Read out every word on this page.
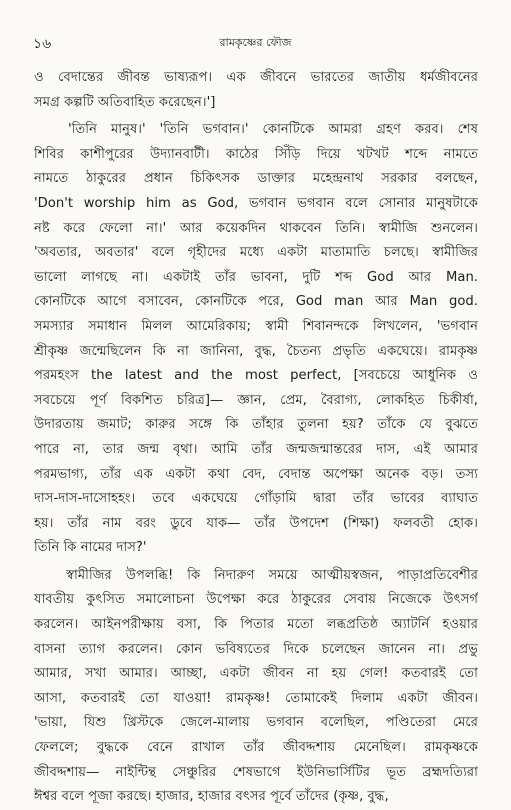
১৬	রামকৃষ্ণের ফৌজ
ও বেদান্তের জীবন্ত ভাষ্যরূপ। এক জীবনে ভারতের জাতীয় ধর্মজীবনের
সমগ্র কল্পটি অতিবাহিত করেছেন।']
'তিনি মানুষ।' 'তিনি ভগবান।' কোনটিকে আমরা গ্রহণ করব। শেষ
শিবির কাশীপুরের উদ্যানবাটী। কাঠের সিঁড়ি দিয়ে খটখট শব্দে নামতে
নামতে ঠাকুরের প্রধান চিকিৎসক ডাক্তার মহেন্দ্রনাথ সরকার বলছেন,
'Don't worship him as God, ভগবান ভগবান বলে সোনার মানুষটাকে
নষ্ট করে ফেলো না।' আর কয়েকদিন থাকবেন তিনি। স্বামীজি শুনলেন।
'অবতার, অবতার' বলে গৃহীদের মধ্যে একটা মাতামাতি চলছে। স্বামীজির
ভালো লাগছে না। একটাই তাঁর ভাবনা, দুটি শব্দ God আর Man.
কোনটিকে আগে বসাবেন, কোনটিকে পরে, God man আর Man god.
সমস্যার সমাধান মিলল আমেরিকায়; স্বামী শিবানন্দকে লিখলেন, 'ভগবান
শ্রীকৃষ্ণ জন্মেছিলেন কি না জানিনা, বুদ্ধ, চৈতন্য প্রভৃতি একঘেয়ে। রামকৃষ্ণ
পরমহংস the latest and the most perfect, [সবচেয়ে আধুনিক ও
সবচেয়ে পূর্ণ বিকশিত চরিত্র]— জ্ঞান, প্রেম, বৈরাগ্য, লোকহিত চিকীর্ষা,
উদারতায় জমাট; কারুর সঙ্গে কি তাঁহার তুলনা হয়? তাঁকে যে বুঝতে
পারে না, তার জন্ম বৃথা। আমি তাঁর জন্মজন্মান্তরের দাস, এই আমার
পরমভাগ্য, তাঁর এক একটা কথা বেদ, বেদান্ত অপেক্ষা অনেক বড়। তস্য
দাস-দাস-দাসোহহং। তবে একঘেয়ে গোঁড়ামি দ্বারা তাঁর ভাবের ব্যাঘাত
হয়। তাঁর নাম বরং ডুবে যাক— তাঁর উপদেশ (শিক্ষা) ফলবতী হোক।
তিনি কি নামের দাস?'
স্বামীজির উপলব্ধি! কি নিদারুণ সময়ে আত্মীয়স্বজন, পাড়াপ্রতিবেশীর
যাবতীয় কুৎসিত সমালোচনা উপেক্ষা করে ঠাকুরের সেবায় নিজেকে উৎসর্গ
করলেন। আইনপরীক্ষায় বসা, কি পিতার মতো লব্ধপ্রতিষ্ঠ অ্যাটর্নি হওয়ার
বাসনা ত্যাগ করলেন। কোন ভবিষ্যতের দিকে চলেছেন জানেন না। প্রভু
আমার, সখা আমার। আচ্ছা, একটা জীবন না হয় গেল! কতবারই তো
আসা, কতবারই তো যাওয়া! রামকৃষ্ণ! তোমাকেই দিলাম একটা জীবন।
'ভায়া, যিশু খ্রিস্টকে জেলে-মালায় ভগবান বলেছিল, পণ্ডিতেরা মেরে
ফেললে; বুদ্ধকে বেনে রাখাল তাঁর জীবদ্দশায় মেনেছিল। রামকৃষ্ণকে
জীবদ্দশায়— নাইন্টিন্থ সেঞ্চুরির শেষভাগে ইউনিভার্সিটির ভূত ব্রহ্মদত্যিরা
ঈশ্বর বলে পূজা করছে। হাজার, হাজার বৎসর পূর্বে তাঁদের (কৃষ্ণ, বুদ্ধ,
